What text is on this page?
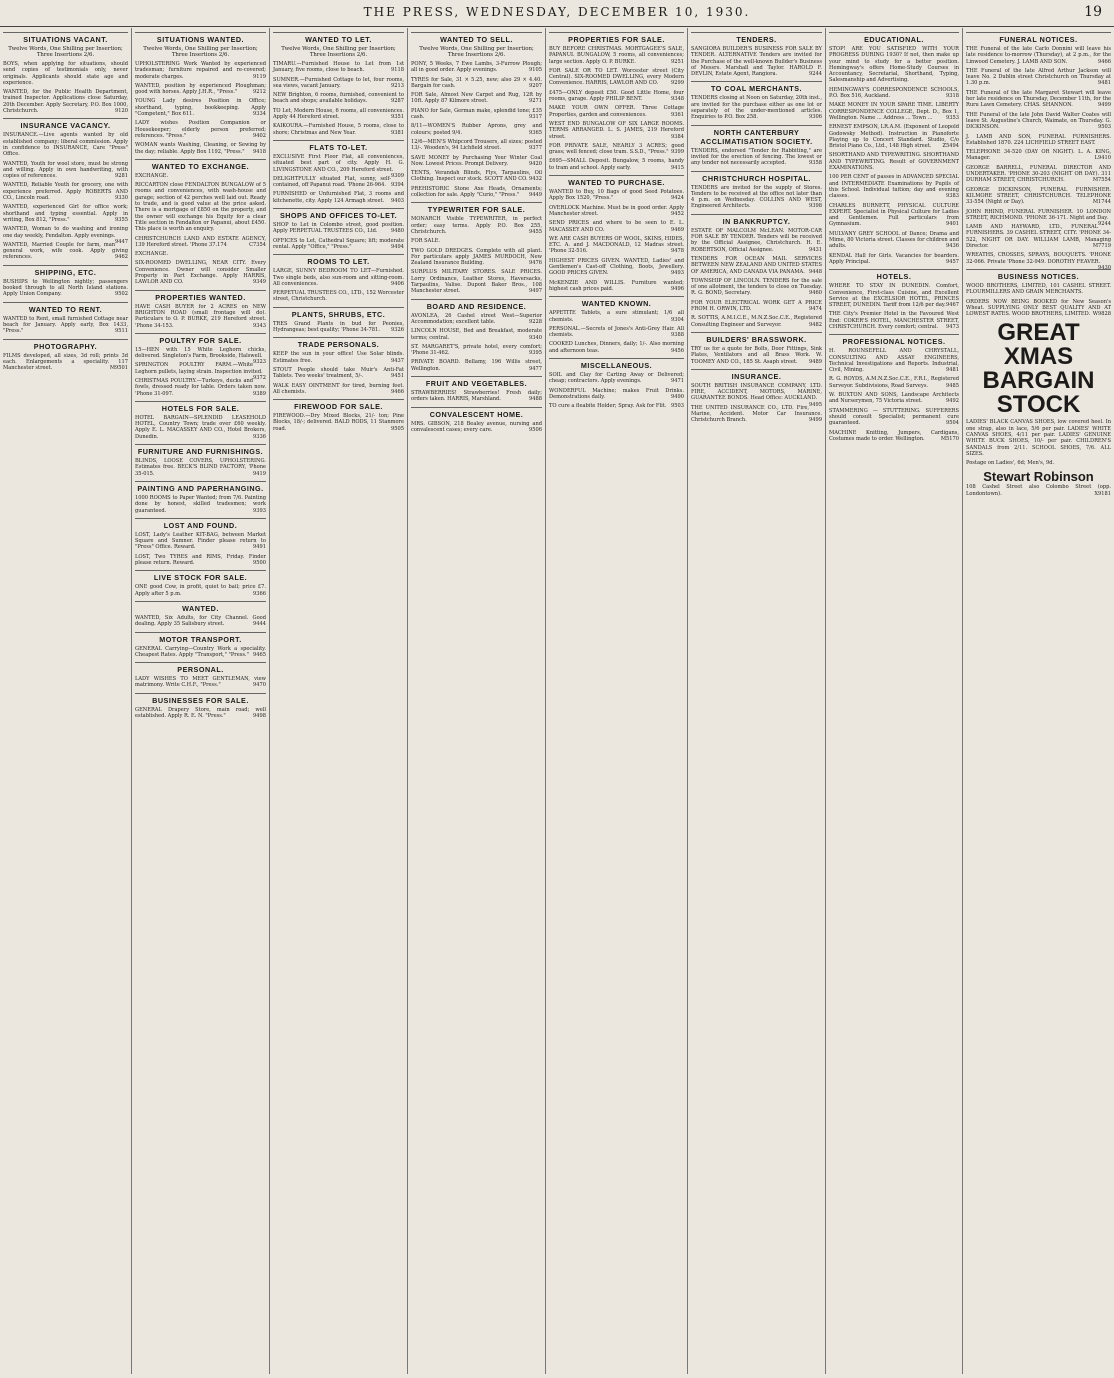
THE PRESS, WEDNESDAY, DECEMBER 10, 1930.	19
SITUATIONS VACANT.
Twelve Words, One Shilling per Insertion; Three Insertions 2/6.
BOYS, when applying for situations, should send copies of testimonials only, never originals. Applicants should state age and experience.
WANTED, for the Public Health Department, trained Inspector. Applications close Saturday, 20th December. Apply Secretary, P.O. Box 1000, Christchurch.	9120
INSURANCE VACANCY.
INSURANCE.—Live agents wanted by old established company; liberal commission. Apply in confidence to INSURANCE, Care "Press" Office.
WANTED, Youth for wool store, must be strong and willing. Apply in own handwriting, with copies of references.	9281
WANTED, Reliable Youth for grocery, one with experience preferred. Apply ROBERTS AND CO., Lincoln road.	9330
WANTED, experienced Girl for office work; shorthand and typing essential. Apply in writing, Box 812, "Press."	9355
WANTED, Woman to do washing and ironing one day weekly, Fendalton. Apply evenings.
9447
WANTED, Married Couple for farm, man general work, wife cook. Apply giving references.	9462
SHIPPING, ETC.
BUSHIPS to Wellington nightly; passengers booked through to all North Island stations. Apply Union Company.	9502
WANTED TO RENT.
WANTED to Rent, small furnished Cottage near beach for January. Apply early, Box 1433, "Press."	9511
PHOTOGRAPHY.
FILMS developed, all sizes, 3d roll; prints 3d each. Enlargements a speciality. 117 Manchester street.	M9501
SITUATIONS WANTED.
Twelve Words, One Shilling per Insertion; Three Insertions 2/6.
UPHOLSTERING Work Wanted by experienced tradesman; furniture repaired and re-covered; moderate charges.	9119
WANTED, position by experienced Ploughman; good with horses. Apply J.H.R., "Press."	9212
YOUNG Lady desires Position in Office; shorthand, typing, bookkeeping. Apply "Competent," Box 611.	9334
LADY wishes Position Companion or Housekeeper; elderly person preferred; references. "Press."	9402
WOMAN wants Washing, Cleaning, or Sewing by the day; reliable. Apply Box 1192, "Press." 9418
WANTED TO EXCHANGE.
EXCHANGE.
RICCARTON close FENDALTON BUNGALOW of 5 rooms and conveniences, with wash-house and garage; section of 42 perches well laid out. Ready to trade, and is good value at the price asked. There is a mortgage of £850 on the property, and the owner will exchange his Equity for a clear Title section in Fendalton or Papanui, about £450. This place is worth an enquiry.
CHRISTCHURCH LAND AND ESTATE AGENCY, 139 Hereford street. 'Phone 37.174	C7354
EXCHANGE.
SIX-ROOMED DWELLING, NEAR CITY. Every Convenience. Owner will consider Smaller Property in Part Exchange. Apply HARRIS, LAWLOR AND CO.	9349
PROPERTIES WANTED.
HAVE CASH BUYER for 2 ACRES on NEW BRIGHTON ROAD (small frontage will do). Particulars to O. P. BURKE, 219 Hereford street. 'Phone 34-153.	9343
POULTRY FOR SALE.
15—HEN with 15 White Leghorn chicks, delivered. Singleton's Farm, Brookside, Halswell.
9323
SPRINGTON POULTRY FARM.—White Leghorn pullets, laying strain. Inspection invited.
9372
CHRISTMAS POULTRY.—Turkeys, ducks and fowls, dressed ready for table. Orders taken now. 'Phone 31-097.	9389
HOTELS FOR SALE.
HOTEL BARGAIN—SPLENDID LEASEHOLD HOTEL, Country Town; trade over £60 weekly. Apply E. L. MACASSEY AND CO., Hotel Brokers, Dunedin.	9336
FURNITURE AND FURNISHINGS.
BLINDS, LOOSE COVERS, UPHOLSTERING. Estimates free. BECK'S BLIND FACTORY, 'Phone 35-015.	9419
PAINTING AND PAPERHANGING.
1000 ROOMS to Paper Wanted; from 7/6. Painting done by honest, skilled tradesmen; work guaranteed.	9393
LOST AND FOUND.
LOST, Lady's Leather KIT-BAG, between Market Square and Sumner. Finder please return to "Press" Office. Reward.	9491
LOST, Two TYRES and RIMS, Friday. Finder please return. Reward.	9500
LIVE STOCK FOR SALE.
ONE good Cow, in profit, quiet to bail; price £7. Apply after 5 p.m.	9366
WANTED.
WANTED, Six Adults, for City Channel. Good dealing. Apply 35 Salisbury street.	9444
MOTOR TRANSPORT.
GENERAL Carrying—Country Work a speciality. Cheapest Rates. Apply "Transport," "Press." 9465
PERSONAL.
LADY WISHES TO MEET GENTLEMAN, view matrimony. Write C.H.F., "Press."	9470
BUSINESSES FOR SALE.
GENERAL Drapery Store, main road; well established. Apply R. E. N. "Press."	9498
WANTED TO LET.
Twelve Words, One Shilling per Insertion; Three Insertions 2/6.
TIMARU.—Furnished House to Let from 1st January, five rooms, close to beach.	9118
SUMNER.—Furnished Cottage to let, four rooms, sea views, vacant January.	9213
NEW Brighton, 6 rooms, furnished, convenient to beach and shops; available holidays.	9287
TO Let, Modern House, 6 rooms, all conveniences. Apply 44 Hereford street.	9351
KAIKOURA.—Furnished House, 5 rooms, close to shore; Christmas and New Year.	9381
FLATS TO-LET.
EXCLUSIVE First Floor Flat, all conveniences, situated best part of city. Apply H. G. LIVINGSTONE AND CO., 209 Hereford street.
9309
DELIGHTFULLY situated Flat, sunny, self-contained, off Papanui road. 'Phone 26-964. 9394
FURNISHED or Unfurnished Flat, 3 rooms and kitchenette, city. Apply 124 Armagh street. 9403
SHOPS AND OFFICES TO-LET.
SHOP to Let in Colombo street, good position. Apply PERPETUAL TRUSTEES CO., Ltd.	9480
OFFICES to Let, Cathedral Square; lift; moderate rental. Apply "Office," "Press."	9494
ROOMS TO LET.
LARGE, SUNNY BEDROOM TO LET—Furnished. Two single beds, also sun-room and sitting-room. All conveniences.	9406
PERPETUAL TRUSTEES CO., LTD., 152 Worcester street, Christchurch.
PLANTS, SHRUBS, ETC.
TRES Grand Plants in bud for Peonies, Hydrangeas; best quality; 'Phone 34-781. 9326
TRADE PERSONALS.
KEEP the sun in your office! Use Solar blinds. Estimates free.	9437
STOUT People should take Muir's Anti-Fat Tablets. Two weeks' treatment, 5/-.	9451
WALK EASY OINTMENT for tired, burning feet. All chemists.	9466
FIREWOOD FOR SALE.
FIREWOOD.—Dry Mixed Blocks, 21/- ton; Pine Blocks, 18/-; delivered. BALD RODS, 11 Stanmore road.	9505
WANTED TO SELL.
Twelve Words, One Shilling per Insertion; Three Insertions 2/6.
PONY, 5 Weeks, 7 Ewe Lambs, 3-Furrow Plough; all in good order. Apply evenings.	9105
TYRES for Sale, 31 × 5.25, new; also 29 × 4.40. Bargain for cash.	9207
FOR Sale, Almost New Carpet and Rug, 12ft by 10ft. Apply 87 Kilmore street.	9271
PIANO for Sale, German make, splendid tone; £35 cash.	9317
8/11—WOMEN'S Rubber Aprons, grey and colours; posted 9/4.	9365
12/6—MEN'S Whipcord Trousers, all sizes; posted 13/-. Wooden's, 94 Lichfield street.	9377
SAVE MONEY by Purchasing Your Winter Coal Now. Lowest Prices. Prompt Delivery.	9420
TENTS, Verandah Blinds, Flys, Tarpaulins, Oil Clothing. Inspect our stock. SCOTT AND CO. 9432
PREHISTORIC Stone Axe Heads, Ornaments; collection for sale. Apply "Curio," "Press." 9449
TYPEWRITER FOR SALE.
MONARCH Visible TYPEWRITER, in perfect order; easy terms. Apply P.O. Box 255, Christchurch.	9455
FOR SALE.
TWO GOLD DREDGES. Complete with all plant. For particulars apply JAMES MURDOCH, New Zealand Insurance Building.	9476
SURPLUS MILITARY STORES. SALE PRICES. Lorry Ordinance, Leather Stores, Haversacks, Tarpaulins, Valise. Dupont Baker Bros., 108 Manchester street.	9497
BOARD AND RESIDENCE.
AVONLEA, 26 Cashel street West—Superior Accommodation; excellent table.	9228
LINCOLN HOUSE, Bed and Breakfast, moderate terms; central.	9340
ST. MARGARET'S, private hotel, every comfort; 'Phone 31-462.	9395
PRIVATE BOARD. Bellamy, 196 Willis street, Wellington.	9477
FRUIT AND VEGETABLES.
STRAWBERRIES! Strawberries! Fresh daily; orders taken. HARRIS, Marshland.	9488
CONVALESCENT HOME.
MRS. GIBSON, 218 Bealey avenue, nursing and convalescent cases; every care.	9506
PROPERTIES FOR SALE.
BUY BEFORE CHRISTMAS. MORTGAGEE'S SALE, PAPANUI. BUNGALOW, 5 rooms, all conveniences; large section. Apply O. P. BURKE.	9251
FOR SALE OR TO LET. Worcester street (City Central). SIX-ROOMED DWELLING, every Modern Convenience. HARRIS, LAWLOR AND CO.	9299
£475—ONLY deposit £50. Good Little Home, four rooms, garage. Apply PHILIP BENT.	9348
MAKE YOUR OWN OFFER. Three Cottage Properties, garden and conveniences.	9361
WEST END BUNGALOW OF SIX LARGE ROOMS. TERMS ARRANGED. L. S. JAMES, 219 Hereford street.	9384
FOR PRIVATE SALE, NEARLY 3 ACRES; good grass; well fenced; close tram. S.S.D., "Press." 9399
£695—SMALL Deposit. Bungalow, 5 rooms, handy to tram and school. Apply early.	9415
WANTED TO PURCHASE.
WANTED to Buy, 10 Bags of good Seed Potatoes. Apply Box 1520, "Press."	9424
OVERLOCK Machine. Must be in good order. Apply Manchester street.	9452
SEND PRICES and where to be seen to E. L. MACASSEY AND CO.	9469
WE ARE CASH BUYERS OF WOOL, SKINS, HIDES, ETC. A. and J. MACDONALD, 12 Madras street. 'Phone 32-516.	9478
HIGHEST PRICES GIVEN. WANTED, Ladies' and Gentlemen's Cast-off Clothing, Boots, Jewellery. GOOD PRICES GIVEN.	9493
McKENZIE AND WILLIS. Furniture wanted; highest cash prices paid.	9496
WANTED KNOWN.
APPETITE Tablets, a sure stimulant; 1/6 all chemists.	9304
PERSONAL.—Secrets of Jones's Anti-Grey Hair. All chemists.	9388
COOKED Lunches, Dinners, daily; 1/-. Also morning and afternoon teas.	9456
MISCELLANEOUS.
SOIL and Clay for Carting Away or Delivered; cheap; contractors. Apply evenings.	9471
WONDERFUL Machine; makes Fruit Drinks. Demonstrations daily.	9490
TO cure a fleabite Holder; Spray. Ask for Flit. 9503
TENDERS.
SANGIORA BUILDER'S BUSINESS FOR SALE BY TENDER. ALTERNATIVE Tenders are invited for the Purchase of the well-known Builder's Business of Messrs. Marshall and Taylor. HAROLD F. DEVLIN, Estate Agent, Rangiora.	9244
TO COAL MERCHANTS.
TENDERS closing at Noon on Saturday, 20th inst., are invited for the purchase either as one lot or separately of the under-mentioned articles. Enquiries to P.O. Box 258.	9306
NORTH CANTERBURY ACCLIMATISATION SOCIETY.
TENDERS, endorsed "Tender for Rabbiting," are invited for the erection of fencing. The lowest or any tender not necessarily accepted.	9358
CHRISTCHURCH HOSPITAL.
TENDERS are invited for the supply of Stores. Tenders to be received at the office not later than 4 p.m. on Wednesday. COLLINS AND WEST, Engineered Architects.	9398
IN BANKRUPTCY.
ESTATE OF MALCOLM McLEAN. MOTOR-CAR FOR SALE BY TENDER. Tenders will be received by the Official Assignee, Christchurch. H. E. ROBERTSON, Official Assignee.	9431
TENDERS FOR OCEAN MAIL SERVICES BETWEEN NEW ZEALAND AND UNITED STATES OF AMERICA, AND CANADA VIA PANAMA. 9448
TOWNSHIP OF LINCOLN. TENDERS for the sale of one allotment, the tenders to close on Tuesday. R. G. BOND, Secretary.	9460
FOR YOUR ELECTRICAL WORK GET A PRICE FROM H. ORWIN, LTD.	9474
R. SOTTIS, A.M.I.C.E., M.N.Z.Soc.C.E., Registered Consulting Engineer and Surveyor.	9482
BUILDERS' BRASSWORK.
TRY us for a quote for Bolts, Door Fittings, Sink Plates, Ventilators and all Brass Work. W. TOOMEY AND CO., 185 St. Asaph street. 9489
INSURANCE.
SOUTH BRITISH INSURANCE COMPANY, LTD. FIRE, ACCIDENT, MOTORS, MARINE, GUARANTEE BONDS. Head Office: AUCKLAND.
9495
THE UNITED INSURANCE CO., LTD. Fire, Marine, Accident. Motor Car Insurance. Christchurch Branch.	9499
EDUCATIONAL.
STOP! ARE YOU SATISFIED WITH YOUR PROGRESS DURING 1930? If not, then make up your mind to study for a better position. Hemingway's offers Home-Study Courses in Accountancy, Secretarial, Shorthand, Typing, Salesmanship and Advertising.
HEMINGWAY'S CORRESPONDENCE SCHOOLS, P.O. Box 516, Auckland.	9318
MAKE MONEY IN YOUR SPARE TIME. LIBERTY CORRESPONDENCE COLLEGE, Dept. D., Box 1, Wellington. Name ... Address ... Town ...	9353
ERNEST EMPSON, LR.A.M. (Exponent of Leopold Godowsky Method). Instruction in Pianoforte Playing up to Concert Standard. Studio, C/o Bristol Piano Co., Ltd., 148 High street. Z5494
SHORTHAND AND TYPEWRITING. SHORTHAND AND TYPEWRITING. Result of GOVERNMENT EXAMINATIONS.
100 PER CENT of passes in ADVANCED SPECIAL and INTERMEDIATE Examinations by Pupils of this School. Individual tuition; day and evening classes.	9383
CHARLES BURNETT, PHYSICAL CULTURE EXPERT. Specialist in Physical Culture for Ladies and Gentlemen. Full particulars from Gymnasium.	9401
MULVANY GREY SCHOOL of Dance; Drama and Mime, 80 Victoria street. Classes for children and adults.	9436
KENDAL Hall for Girls. Vacancies for boarders. Apply Principal.	9457
HOTELS.
WHERE TO STAY IN DUNEDIN. Comfort, Convenience, First-class Cuisine, and Excellent Service at the EXCELSIOR HOTEL, PRINCES STREET, DUNEDIN. Tariff from 12/6 per day. 9467
THE City's Premier Hotel in the Favoured West End: COKER'S HOTEL, MANCHESTER STREET, CHRISTCHURCH. Every comfort; central. 9473
PROFESSIONAL NOTICES.
H. ROUNSEFELL AND CHRYSTALL, CONSULTING AND ASSAY ENGINEERS, Technical Investigations and Reports. Industrial, Civil, Mining.	9481
R. G. ROYDS, A.M.N.Z.Soc.C.E., F.R.I., Registered Surveyor. Subdivisions, Road Surveys.	9485
W. BUXTON AND SONS, Landscape Architects and Nurserymen, 75 Victoria street.	9492
STAMMERING — STUTTERING. SUFFERERS should consult Specialist; permanent cure guaranteed.	9504
MACHINE Knitting, Jumpers, Cardigans, Costumes made to order. Wellington.	M5170
FUNERAL NOTICES.
THE Funeral of the late Carlo Donnini will leave his late residence to-morrow (Thursday), at 2 p.m., for the Linwood Cemetery. J. LAMB AND SON.	9466
THE Funeral of the late Alfred Arthur Jackson will leave No. 2 Dublin street Christchurch on Thursday at 1.30 p.m.	9481
THE Funeral of the late Margaret Stewart will leave her late residence on Thursday, December 11th, for the Ruru Lawn Cemetery. CHAS. SHANNON.	9499
THE Funeral of the late John David Walter Coates will leave St. Augustine's Church, Waimate, on Thursday. G. DICKINSON.	9503
J. LAMB AND SON, FUNERAL FURNISHERS. Established 1870. 224 LICHFIELD STREET EAST.
TELEPHONE 34-520 (DAY OR NIGHT). L. A. KING, Manager.	L9410
GEORGE BARRELL, FUNERAL DIRECTOR AND UNDERTAKER. 'PHONE 30-203 (NIGHT OR DAY). 311 DURHAM STREET, CHRISTCHURCH.	M7554
GEORGE DICKINSON, FUNERAL FURNISHER. KILMORE STREET, CHRISTCHURCH. TELEPHONE 33-554 (Night or Day).	M1744
JOHN RHIND, FUNERAL FURNISHER. 10 LONDON STREET, RICHMOND. 'PHONE 36-171. Night and Day.
9244
LAMB AND HAYWARD, LTD., FUNERAL FURNISHERS. 39 CASHEL STREET, CITY. 'PHONE 34-522, NIGHT OR DAY. WILLIAM LAMB, Managing Director.	M7719
WREATHS, CROSSES, SPRAYS, BOUQUETS. 'PHONE 32-066. Private 'Phone 32-949. DOROTHY FEAVER.
9430
BUSINESS NOTICES.
WOOD BROTHERS, LIMITED, 101 CASHEL STREET. FLOURMILLERS AND GRAIN MERCHANTS.
ORDERS NOW BEING BOOKED for New Season's Wheat. SUPPLYING ONLY BEST QUALITY AND AT LOWEST RATES. WOOD BROTHERS, LIMITED. W9828
GREAT XMAS BARGAIN STOCK
LADIES' BLACK CANVAS SHOES, low covered heel. In one strap, also in lace, 5/6 per pair. LADIES' WHITE CANVAS SHOES, 4/11 per pair. LADIES' GENUINE WHITE BUCK SHOES, 10/- per pair. CHILDREN'S SANDALS from 2/11. SCHOOL SHOES, 7/6. ALL SIZES.
Postage on Ladies', 6d; Men's, 9d.
Stewart Robinson
108 Cashel Street also Colombo Street (opp. Londontown).	X9181
